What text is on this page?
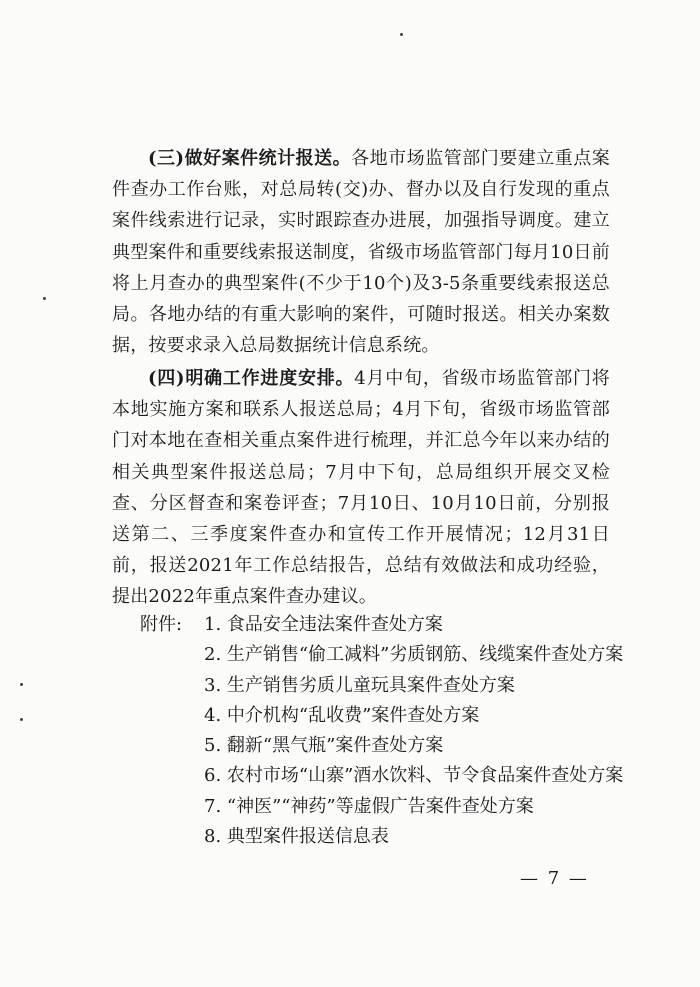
(三)做好案件统计报送。各地市场监管部门要建立重点案件查办工作台账，对总局转(交)办、督办以及自行发现的重点案件线索进行记录，实时跟踪查办进展，加强指导调度。建立典型案件和重要线索报送制度，省级市场监管部门每月10日前将上月查办的典型案件(不少于10个)及3-5条重要线索报送总局。各地办结的有重大影响的案件，可随时报送。相关办案数据，按要求录入总局数据统计信息系统。

(四)明确工作进度安排。4月中旬，省级市场监管部门将本地实施方案和联系人报送总局；4月下旬，省级市场监管部门对本地在查相关重点案件进行梳理，并汇总今年以来办结的相关典型案件报送总局；7月中下旬，总局组织开展交叉检查、分区督查和案卷评查；7月10日、10月10日前，分别报送第二、三季度案件查办和宣传工作开展情况；12月31日前，报送2021年工作总结报告，总结有效做法和成功经验，提出2022年重点案件查办建议。

附件: 1. 食品安全违法案件查处方案
2. 生产销售“偷工减料”劣质钢筋、线缆案件查处方案
3. 生产销售劣质儿童玩具案件查处方案
4. 中介机构“乱收费”案件查处方案
5. 翻新“黑气瓶”案件查处方案
6. 农村市场“山寨”酒水饮料、节令食品案件查处方案
7. “神医”“神药”等虚假广告案件查处方案
8. 典型案件报送信息表
— 7 —
